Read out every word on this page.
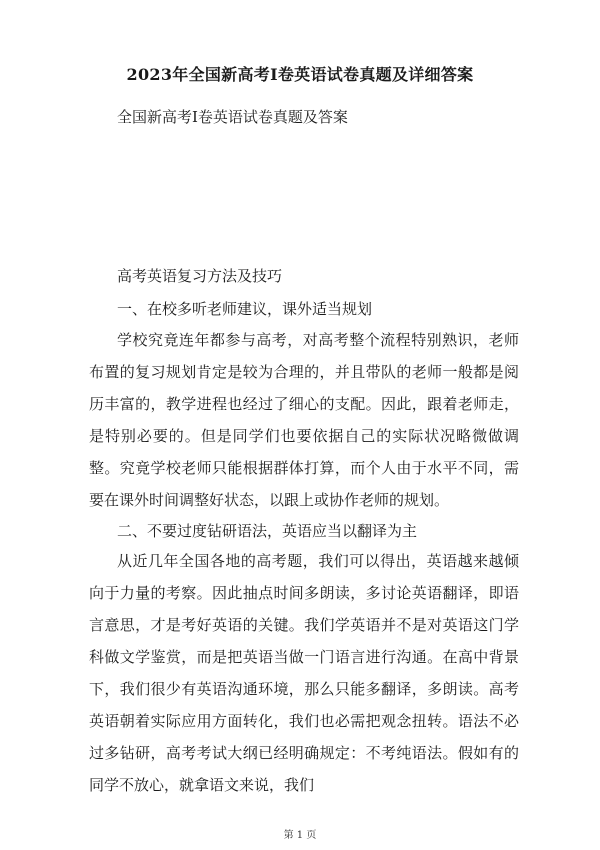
2023年全国新高考Ⅰ卷英语试卷真题及详细答案
全国新高考Ⅰ卷英语试卷真题及答案
高考英语复习方法及技巧
一、在校多听老师建议，课外适当规划

学校究竟连年都参与高考，对高考整个流程特别熟识，老师布置的复习规划肯定是较为合理的，并且带队的老师一般都是阅历丰富的，教学进程也经过了细心的支配。因此，跟着老师走，是特别必要的。但是同学们也要依据自己的实际状况略微做调整。究竟学校老师只能根据群体打算，而个人由于水平不同，需要在课外时间调整好状态，以跟上或协作老师的规划。

二、不要过度钻研语法，英语应当以翻译为主

从近几年全国各地的高考题，我们可以得出，英语越来越倾向于力量的考察。因此抽点时间多朗读，多讨论英语翻译，即语言意思，才是考好英语的关键。我们学英语并不是对英语这门学科做文学鉴赏，而是把英语当做一门语言进行沟通。在高中背景下，我们很少有英语沟通环境，那么只能多翻译，多朗读。高考英语朝着实际应用方面转化，我们也必需把观念扭转。语法不必过多钻研，高考考试大纲已经明确规定：不考纯语法。假如有的同学不放心，就拿语文来说，我们

第 1 页
